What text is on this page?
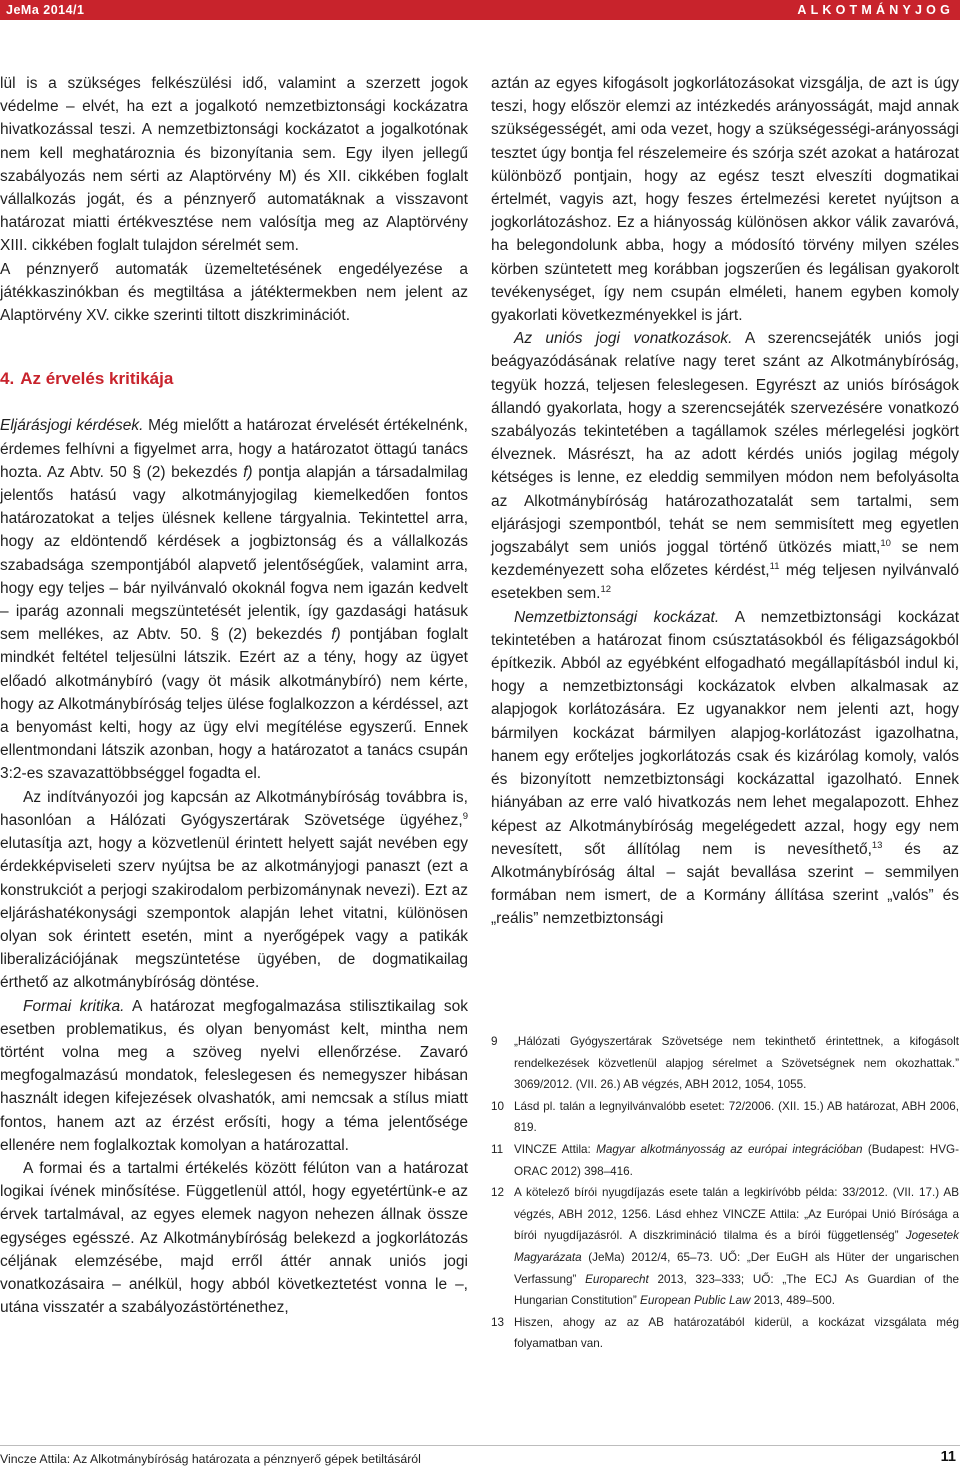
JeMa 2014/1	ALKOTMÁNYJOG

lül is a szükséges felkészülési idő, valamint a szerzett jogok védelme – elvét, ha ezt a jogalkotó nemzetbiztonsági kockázatra hivatkozással teszi. A nemzetbiztonsági kockázatot a jogalkotónak nem kell meghatároznia és bizonyítania sem. Egy ilyen jellegű szabályozás nem sérti az Alaptörvény M) és XII. cikkében foglalt vállalkozás jogát, és a pénznyerő automatáknak a visszavont határozat miatti értékvesztése nem valósítja meg az Alaptörvény XIII. cikkében foglalt tulajdon sérelmét sem.

A pénznyerő automaták üzemeltetésének engedélyezése a játékkaszinókban és megtiltása a játéktermekben nem jelent az Alaptörvény XV. cikke szerinti tiltott diszkriminációt.

4. Az érvelés kritikája

Eljárásjogi kérdések. Még mielőtt a határozat érvelését értékelnénk, érdemes felhívni a figyelmet arra, hogy a határozatot öttagú tanács hozta. Az Abtv. 50 § (2) bekezdés f) pontja alapján a társadalmilag jelentős hatású vagy alkotmányjogilag kiemelkedően fontos határozatokat a teljes ülésnek kellene tárgyalnia. Tekintettel arra, hogy az eldöntendő kérdések a jogbiztonság és a vállalkozás szabadsága szempontjából alapvető jelentőségűek, valamint arra, hogy egy teljes – bár nyilvánvaló okoknál fogva nem igazán kedvelt – iparág azonnali megszüntetését jelentik, így gazdasági hatásuk sem mellékes, az Abtv. 50. § (2) bekezdés f) pontjában foglalt mindkét feltétel teljesülni látszik. Ezért az a tény, hogy az ügyet előadó alkotmánybíró (vagy öt másik alkotmánybíró) nem kérte, hogy az Alkotmánybíróság teljes ülése foglalkozzon a kérdéssel, azt a benyomást kelti, hogy az ügy elvi megítélése egyszerű. Ennek ellentmondani látszik azonban, hogy a határozatot a tanács csupán 3:2-es szavazattöbbséggel fogadta el.

Az indítványozói jog kapcsán az Alkotmánybíróság továbbra is, hasonlóan a Hálózati Gyógyszertárak Szövetsége ügyéhez,$^9$ elutasítja azt, hogy a közvetlenül érintett helyett saját nevében egy érdekképviseleti szerv nyújtsa be az alkotmányjogi panaszt (ezt a konstrukciót a perjogi szakirodalom perbizománynak nevezi). Ezt az eljáráshatékonysági szempontok alapján lehet vitatni, különösen olyan sok érintett esetén, mint a nyerőgépek vagy a patikák liberalizációjának megszüntetése ügyében, de dogmatikailag érthető az alkotmánybíróság döntése.

Formai kritika. A határozat megfogalmazása stilisztikailag sok esetben problematikus, és olyan benyomást kelt, mintha nem történt volna meg a szöveg nyelvi ellenőrzése. Zavaró megfogalmazású mondatok, feleslegesen és nemegyszer hibásan használt idegen kifejezések olvashatók, ami nemcsak a stílus miatt fontos, hanem azt az érzést erősíti, hogy a téma jelentősége ellenére nem foglalkoztak komolyan a határozattal.

A formai és a tartalmi értékelés között félúton van a határozat logikai ívének minősítése. Függetlenül attól, hogy egyetértünk-e az érvek tartalmával, az egyes elemek nagyon nehezen állnak össze egységes egésszé. Az Alkotmánybíróság belekezd a jogkorlátozás céljának elemzésébe, majd erről áttér annak uniós jogi vonatkozásaira – anélkül, hogy abból következtetést vonna le –, utána visszatér a szabályozástörténethez,

aztán az egyes kifogásolt jogkorlátozásokat vizsgálja, de azt is úgy teszi, hogy először elemzi az intézkedés arányosságát, majd annak szükségességét, ami oda vezet, hogy a szükségességi-arányossági tesztet úgy bontja fel részelemeire és szórja szét azokat a határozat különböző pontjain, hogy az egész teszt elveszíti dogmatikai értelmét, vagyis azt, hogy feszes értelmezési keretet nyújtson a jogkorlátozáshoz. Ez a hiányosság különösen akkor válik zavaróvá, ha belegondolunk abba, hogy a módosító törvény milyen széles körben szüntetett meg korábban jogszerűen és legálisan gyakorolt tevékenységet, így nem csupán elméleti, hanem egyben komoly gyakorlati következményekkel is járt.

Az uniós jogi vonatkozások. A szerencsejáték uniós jogi beágyazódásának relatíve nagy teret szánt az Alkotmánybíróság, tegyük hozzá, teljesen feleslegesen. Egyrészt az uniós bíróságok állandó gyakorlata, hogy a szerencsejáték szervezésére vonatkozó szabályozás tekintetében a tagállamok széles mérlegelési jogkört élveznek. Másrészt, ha az adott kérdés uniós jogilag mégoly kétséges is lenne, ez eleddig semmilyen módon nem befolyásolta az Alkotmánybíróság határozathozatalát sem tartalmi, sem eljárásjogi szempontból, tehát se nem semmisített meg egyetlen jogszabályt sem uniós joggal történő ütközés miatt,$^{10}$ se nem kezdeményezett soha előzetes kérdést,$^{11}$ még teljesen nyilvánvaló esetekben sem.$^{12}$

Nemzetbiztonsági kockázat. A nemzetbiztonsági kockázat tekintetében a határozat finom csúsztatásokból és féligazságokból építkezik. Abból az egyébként elfogadható megállapításból indul ki, hogy a nemzetbiztonsági kockázatok elvben alkalmasak az alapjogok korlátozására. Ez ugyanakkor nem jelenti azt, hogy bármilyen kockázat bármilyen alapjog-korlátozást igazolhatna, hanem egy erőteljes jogkorlátozás csak és kizárólag komoly, valós és bizonyított nemzetbiztonsági kockázattal igazolható. Ennek hiányában az erre való hivatkozás nem lehet megalapozott. Ehhez képest az Alkotmánybíróság megelégedett azzal, hogy egy nem nevesített, sőt állítólag nem is nevesíthető,$^{13}$ és az Alkotmánybíróság által – saját bevallása szerint – semmilyen formában nem ismert, de a Kormány állítása szerint „valós” és „reális” nemzetbiztonsági

9	„Hálózati Gyógyszertárak Szövetsége nem tekinthető érintettnek, a kifogásolt rendelkezések közvetlenül alapjog sérelmet a Szövetségnek nem okozhattak.” 3069/2012. (VII. 26.) AB végzés, ABH 2012, 1054, 1055.
10 Lásd pl. talán a legnyilvánvalóbb esetet: 72/2006. (XII. 15.) AB határozat, ABH 2006, 819.
11 VINCZE Attila: Magyar alkotmányosság az európai integrációban (Budapest: HVG-ORAC 2012) 398–416.
12 A kötelező bírói nyugdíjazás esete talán a legkirívóbb példa: 33/2012. (VII. 17.) AB végzés, ABH 2012, 1256. Lásd ehhez VINCZE Attila: „Az Európai Unió Bírósága a bírói nyugdíjazásról. A diszkrimináció tilalma és a bírói függetlenség” Jogesetek Magyarázata (JeMa) 2012/4, 65–73. UŐ: „Der EuGH als Hüter der ungarischen Verfassung” Europarecht 2013, 323–333; UŐ: „The ECJ As Guardian of the Hungarian Constitution” European Public Law 2013, 489–500.
13 Hiszen, ahogy az az AB határozatából kiderül, a kockázat vizsgálata még folyamatban van.
Vincze Attila: Az Alkotmánybíróság határozata a pénznyerő gépek betiltásáról	11
